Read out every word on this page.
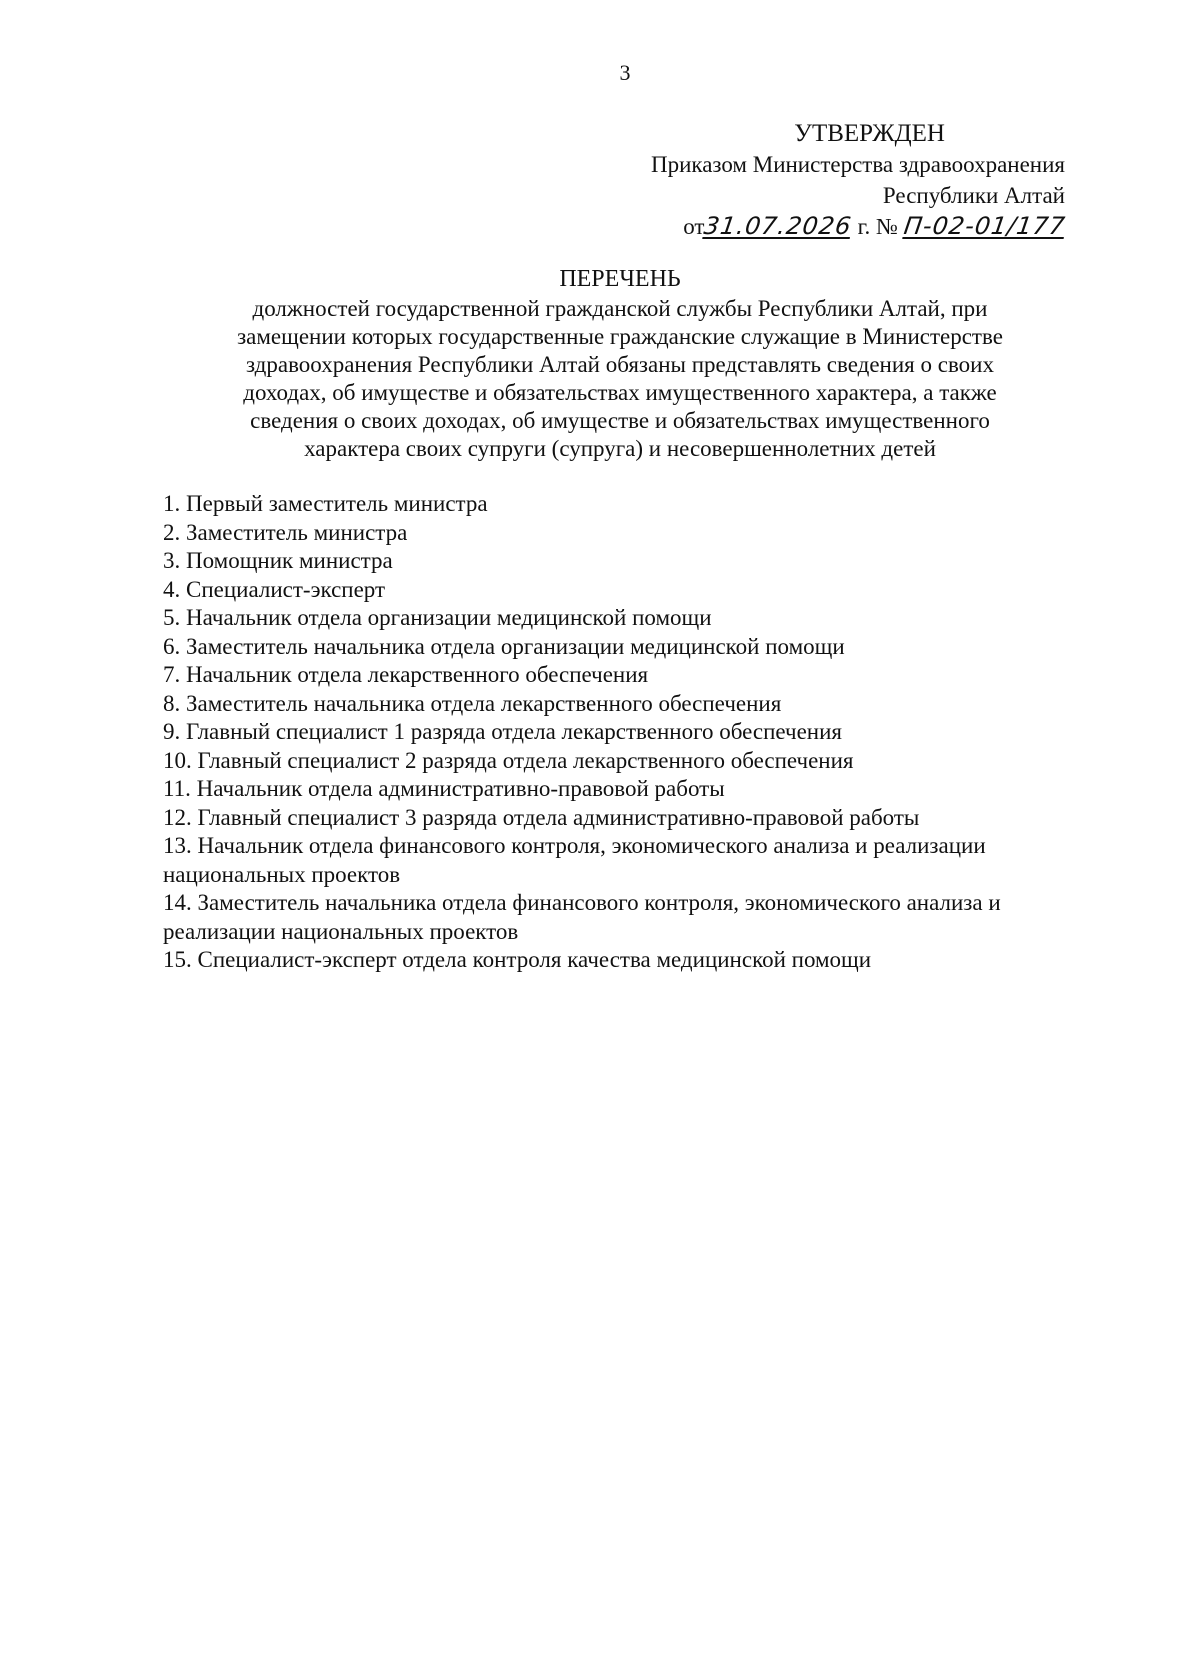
3
УТВЕРЖДЕН
Приказом Министерства здравоохранения
Республики Алтай
от31.07.2026 г. № П-02-01/177
ПЕРЕЧЕНЬ
должностей государственной гражданской службы Республики Алтай, при
замещении которых государственные гражданские служащие в Министерстве
здравоохранения Республики Алтай обязаны представлять сведения о своих
доходах, об имуществе и обязательствах имущественного характера, а также
сведения о своих доходах, об имуществе и обязательствах имущественного
характера своих супруги (супруга) и несовершеннолетних детей
1. Первый заместитель министра
2. Заместитель министра
3. Помощник министра
4. Специалист-эксперт
5. Начальник отдела организации медицинской помощи
6. Заместитель начальника отдела организации медицинской помощи
7. Начальник отдела лекарственного обеспечения
8. Заместитель начальника отдела лекарственного обеспечения
9. Главный специалист 1 разряда отдела лекарственного обеспечения
10. Главный специалист 2 разряда отдела лекарственного обеспечения
11. Начальник отдела административно-правовой работы
12. Главный специалист 3 разряда отдела административно-правовой работы
13. Начальник отдела финансового контроля, экономического анализа и реализации национальных проектов
14. Заместитель начальника отдела финансового контроля, экономического анализа и реализации национальных проектов
15. Специалист-эксперт отдела контроля качества медицинской помощи
